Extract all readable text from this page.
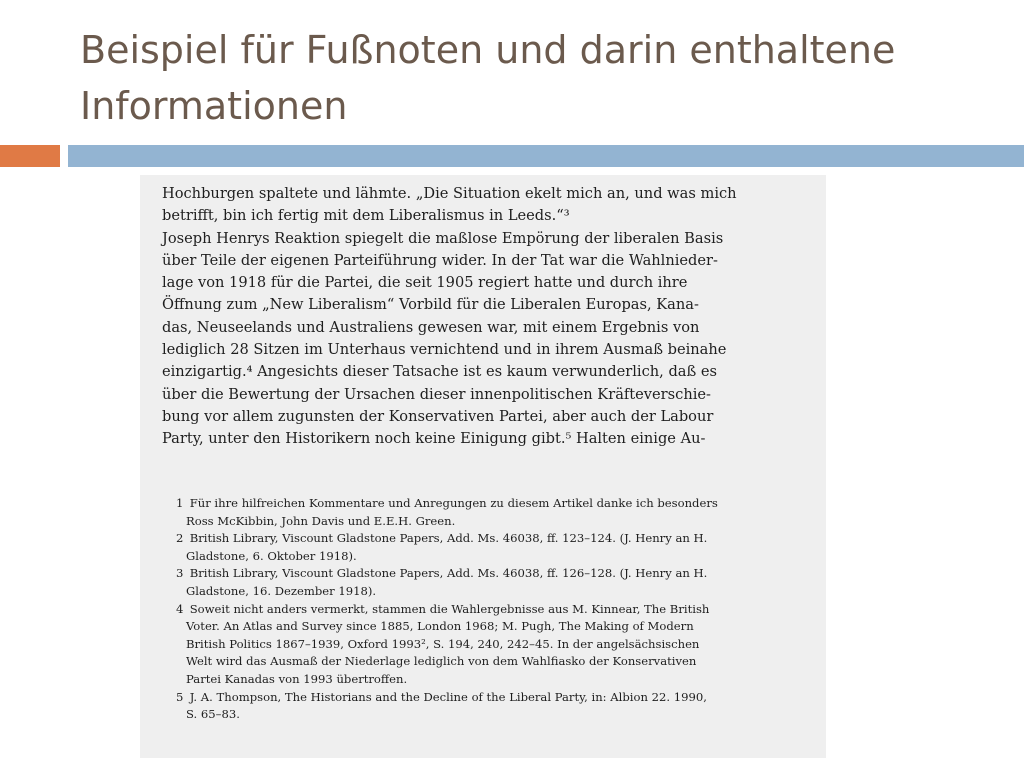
Beispiel für Fußnoten und darin enthaltene Informationen
Hochburgen spaltete und lähmte. „Die Situation ekelt mich an, und was mich
betrifft, bin ich fertig mit dem Liberalismus in Leeds.“³
Joseph Henrys Reaktion spiegelt die maßlose Empörung der liberalen Basis
über Teile der eigenen Parteiführung wider. In der Tat war die Wahlnieder-
lage von 1918 für die Partei, die seit 1905 regiert hatte und durch ihre
Öffnung zum „New Liberalism“ Vorbild für die Liberalen Europas, Kana-
das, Neuseelands und Australiens gewesen war, mit einem Ergebnis von
lediglich 28 Sitzen im Unterhaus vernichtend und in ihrem Ausmaß beinahe
einzigartig.⁴ Angesichts dieser Tatsache ist es kaum verwunderlich, daß es
über die Bewertung der Ursachen dieser innenpolitischen Kräfteverschie-
bung vor allem zugunsten der Konservativen Partei, aber auch der Labour
Party, unter den Historikern noch keine Einigung gibt.⁵ Halten einige Au-
1 Für ihre hilfreichen Kommentare und Anregungen zu diesem Artikel danke ich besonders
Ross McKibbin, John Davis und E.E.H. Green.
2 British Library, Viscount Gladstone Papers, Add. Ms. 46038, ff. 123–124. (J. Henry an H.
Gladstone, 6. Oktober 1918).
3 British Library, Viscount Gladstone Papers, Add. Ms. 46038, ff. 126–128. (J. Henry an H.
Gladstone, 16. Dezember 1918).
4 Soweit nicht anders vermerkt, stammen die Wahlergebnisse aus M. Kinnear, The British
Voter. An Atlas and Survey since 1885, London 1968; M. Pugh, The Making of Modern
British Politics 1867–1939, Oxford 1993², S. 194, 240, 242–45. In der angelsächsischen
Welt wird das Ausmaß der Niederlage lediglich von dem Wahlfiasko der Konservativen
Partei Kanadas von 1993 übertroffen.
5 J. A. Thompson, The Historians and the Decline of the Liberal Party, in: Albion 22. 1990,
S. 65–83.
